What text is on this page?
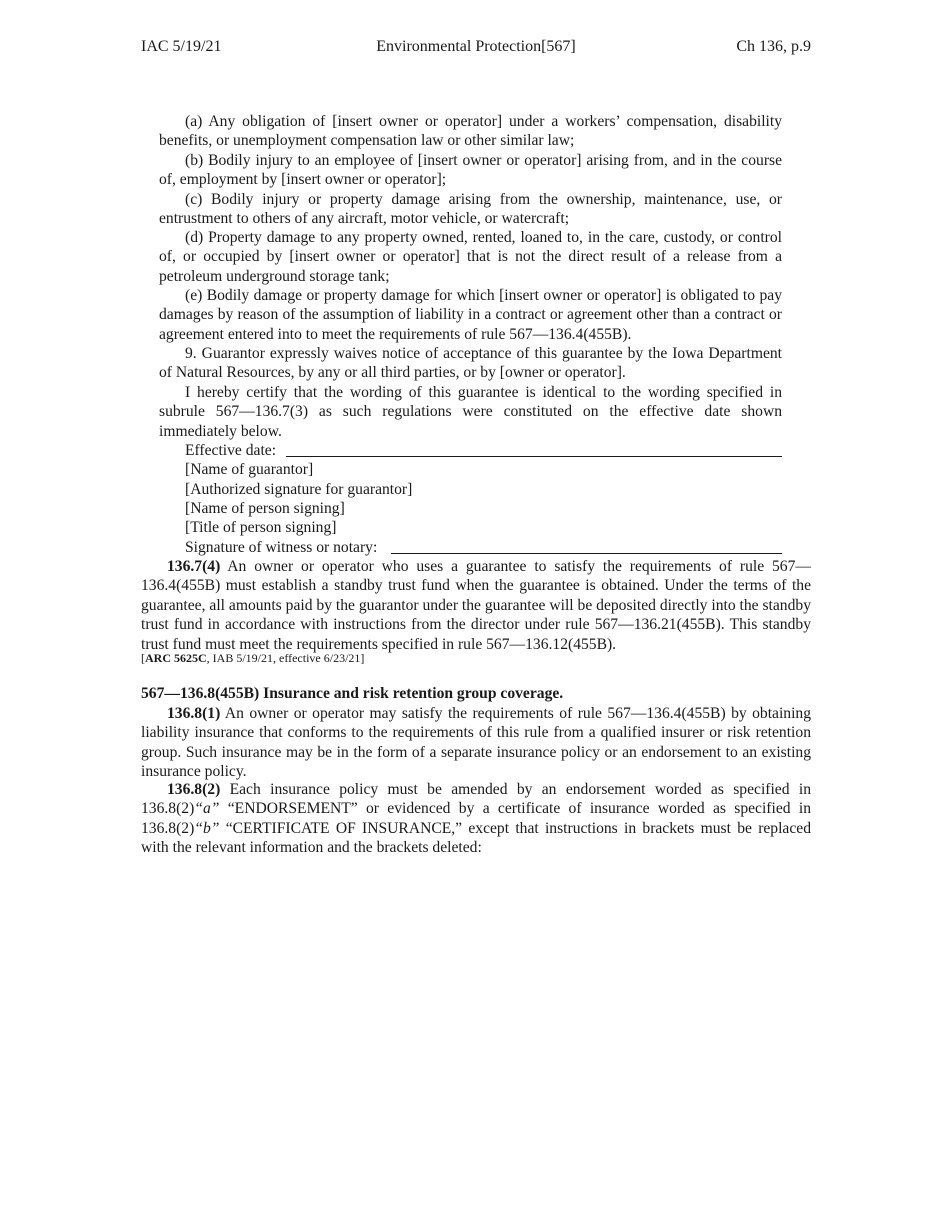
IAC 5/19/21	Environmental Protection[567]	Ch 136, p.9

(a) Any obligation of [insert owner or operator] under a workers’ compensation, disability benefits, or unemployment compensation law or other similar law;

(b) Bodily injury to an employee of [insert owner or operator] arising from, and in the course of, employment by [insert owner or operator];

(c) Bodily injury or property damage arising from the ownership, maintenance, use, or entrustment to others of any aircraft, motor vehicle, or watercraft;

(d) Property damage to any property owned, rented, loaned to, in the care, custody, or control of, or occupied by [insert owner or operator] that is not the direct result of a release from a petroleum underground storage tank;

(e) Bodily damage or property damage for which [insert owner or operator] is obligated to pay damages by reason of the assumption of liability in a contract or agreement other than a contract or agreement entered into to meet the requirements of rule 567—136.4(455B).

9. Guarantor expressly waives notice of acceptance of this guarantee by the Iowa Department of Natural Resources, by any or all third parties, or by [owner or operator].

I hereby certify that the wording of this guarantee is identical to the wording specified in subrule 567—136.7(3) as such regulations were constituted on the effective date shown immediately below.

Effective date:
[Name of guarantor]
[Authorized signature for guarantor]
[Name of person signing]
[Title of person signing]
Signature of witness or notary:

136.7(4) An owner or operator who uses a guarantee to satisfy the requirements of rule 567—136.4(455B) must establish a standby trust fund when the guarantee is obtained. Under the terms of the guarantee, all amounts paid by the guarantor under the guarantee will be deposited directly into the standby trust fund in accordance with instructions from the director under rule 567—136.21(455B). This standby trust fund must meet the requirements specified in rule 567—136.12(455B).

[ARC 5625C, IAB 5/19/21, effective 6/23/21]
567—136.8(455B) Insurance and risk retention group coverage.

136.8(1) An owner or operator may satisfy the requirements of rule 567—136.4(455B) by obtaining liability insurance that conforms to the requirements of this rule from a qualified insurer or risk retention group. Such insurance may be in the form of a separate insurance policy or an endorsement to an existing insurance policy.

136.8(2) Each insurance policy must be amended by an endorsement worded as specified in 136.8(2)“a” “ENDORSEMENT” or evidenced by a certificate of insurance worded as specified in 136.8(2)“b” “CERTIFICATE OF INSURANCE,” except that instructions in brackets must be replaced with the relevant information and the brackets deleted:
